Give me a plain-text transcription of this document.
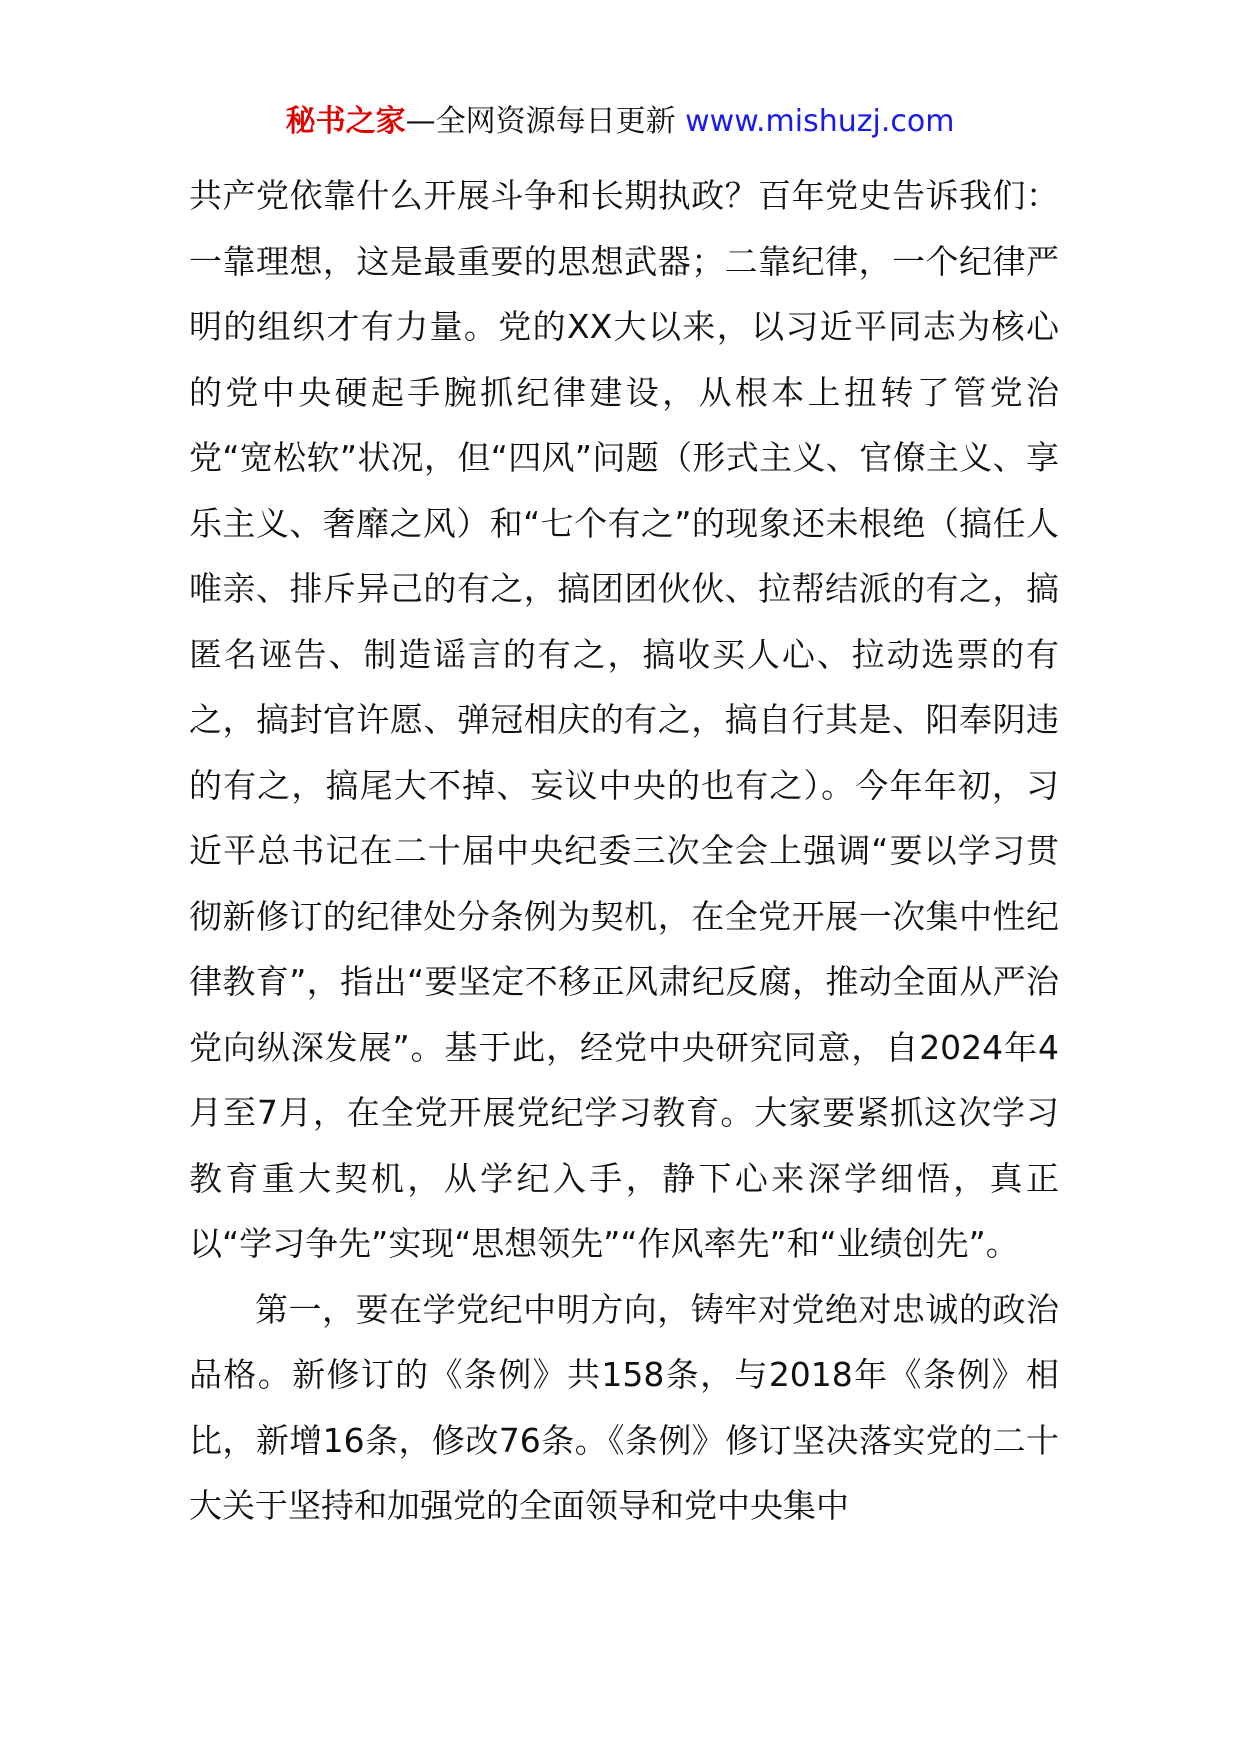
秘书之家—全网资源每日更新 www.mishuzj.com

共产党依靠什么开展斗争和长期执政？百年党史告诉我们：一靠理想，这是最重要的思想武器；二靠纪律，一个纪律严明的组织才有力量。党的XX大以来，以习近平同志为核心的党中央硬起手腕抓纪律建设，从根本上扭转了管党治党“宽松软”状况，但“四风”问题（形式主义、官僚主义、享乐主义、奢靡之风）和“七个有之”的现象还未根绝（搞任人唯亲、排斥异己的有之，搞团团伙伙、拉帮结派的有之，搞匿名诬告、制造谣言的有之，搞收买人心、拉动选票的有之，搞封官许愿、弹冠相庆的有之，搞自行其是、阳奉阴违的有之，搞尾大不掉、妄议中央的也有之）。今年年初，习近平总书记在二十届中央纪委三次全会上强调“要以学习贯彻新修订的纪律处分条例为契机，在全党开展一次集中性纪律教育”，指出“要坚定不移正风肃纪反腐，推动全面从严治党向纵深发展”。基于此，经党中央研究同意，自2024年4月至7月，在全党开展党纪学习教育。大家要紧抓这次学习教育重大契机，从学纪入手，静下心来深学细悟，真正以“学习争先”实现“思想领先”“作风率先”和“业绩创先”。

第一，要在学党纪中明方向，铸牢对党绝对忠诚的政治品格。新修订的《条例》共158条，与2018年《条例》相比，新增16条，修改76条。《条例》修订坚决落实党的二十大关于坚持和加强党的全面领导和党中央集中
